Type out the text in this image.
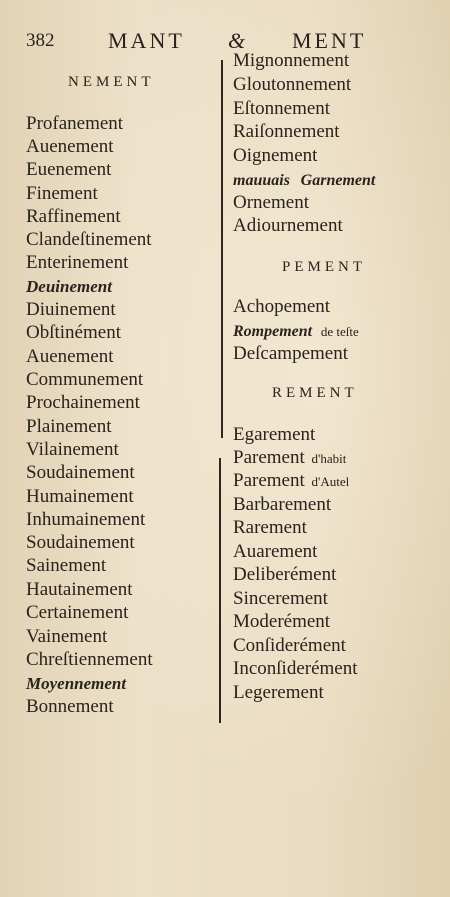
382 MANT & MENT
NEMENT
Profanement
Auenement
Euenement
Finement
Raffinement
Clandeſtinement
Enterinement
Deuinement
Diuinement
Obſtinément
Auenement
Communement
Prochainement
Plainement
Vilainement
Soudainement
Humainement
Inhumainement
Soudainement
Sainement
Hautainement
Certainement
Vainement
Chreſtiennement
Moyennement
Bonnement
Mignonnement
Gloutonnement
Eſtonnement
Raiſonnement
Oignement
mauuais Garnement
Ornement
Adiournement
Achopement
Rompement de teſte
Deſcampement
Egarement
Parement d'habit
Parement d'Autel
Barbarement
Rarement
Auarement
Deliberément
Sincerement
Moderément
Conſiderément
Inconſiderément
Legerement
PEMENT
REMENT
